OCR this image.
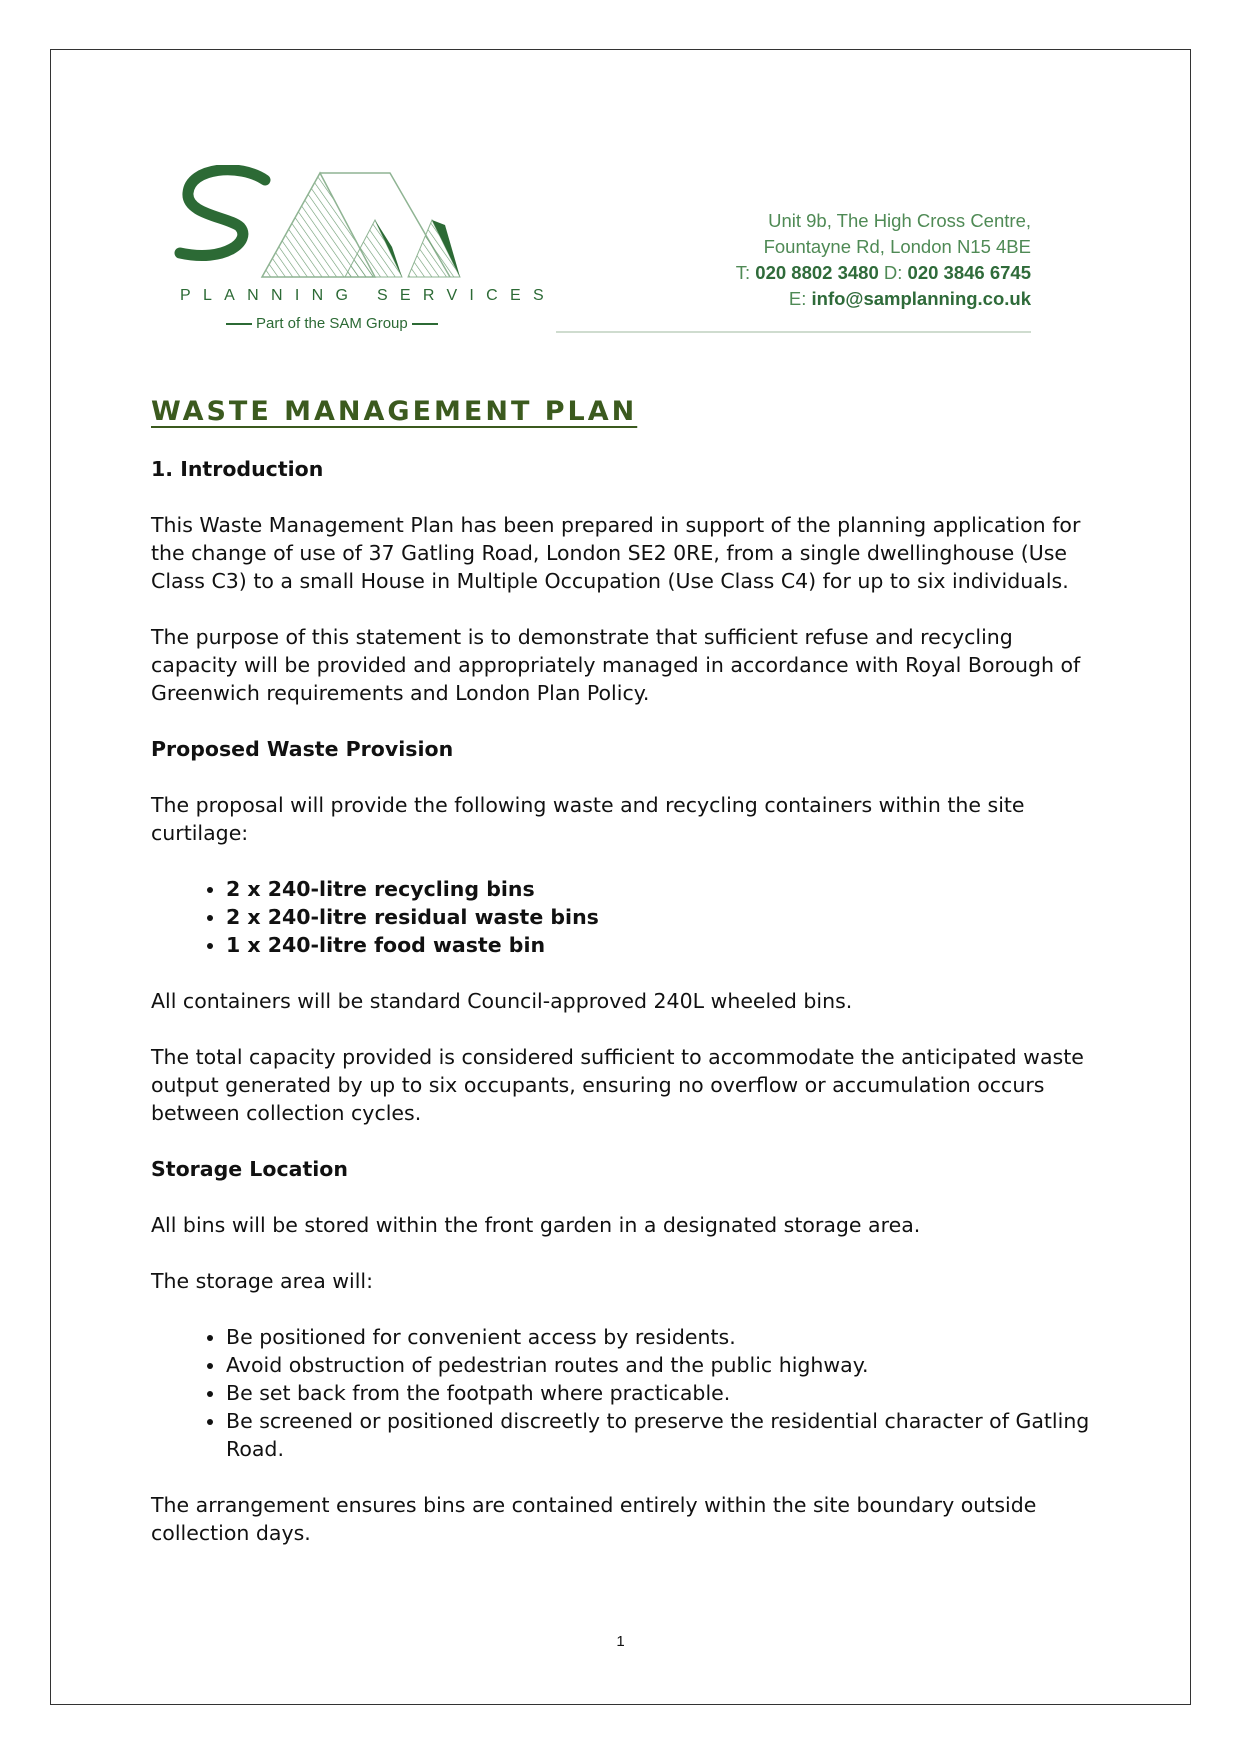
PLANNING SERVICES
Part of the SAM Group
Unit 9b, The High Cross Centre,
Fountayne Rd, London N15 4BE
T: 020 8802 3480 D: 020 3846 6745
E: info@samplanning.co.uk
WASTE MANAGEMENT PLAN
1. Introduction

This Waste Management Plan has been prepared in support of the planning application for the change of use of 37 Gatling Road, London SE2 0RE, from a single dwellinghouse (Use Class C3) to a small House in Multiple Occupation (Use Class C4) for up to six individuals.

The purpose of this statement is to demonstrate that sufficient refuse and recycling capacity will be provided and appropriately managed in accordance with Royal Borough of Greenwich requirements and London Plan Policy.

Proposed Waste Provision

The proposal will provide the following waste and recycling containers within the site curtilage:

• 2 x 240-litre recycling bins
• 2 x 240-litre residual waste bins
• 1 x 240-litre food waste bin

All containers will be standard Council-approved 240L wheeled bins.

The total capacity provided is considered sufficient to accommodate the anticipated waste output generated by up to six occupants, ensuring no overflow or accumulation occurs between collection cycles.

Storage Location

All bins will be stored within the front garden in a designated storage area.

The storage area will:

• Be positioned for convenient access by residents.
• Avoid obstruction of pedestrian routes and the public highway.
• Be set back from the footpath where practicable.
• Be screened or positioned discreetly to preserve the residential character of Gatling Road.

The arrangement ensures bins are contained entirely within the site boundary outside collection days.

1
